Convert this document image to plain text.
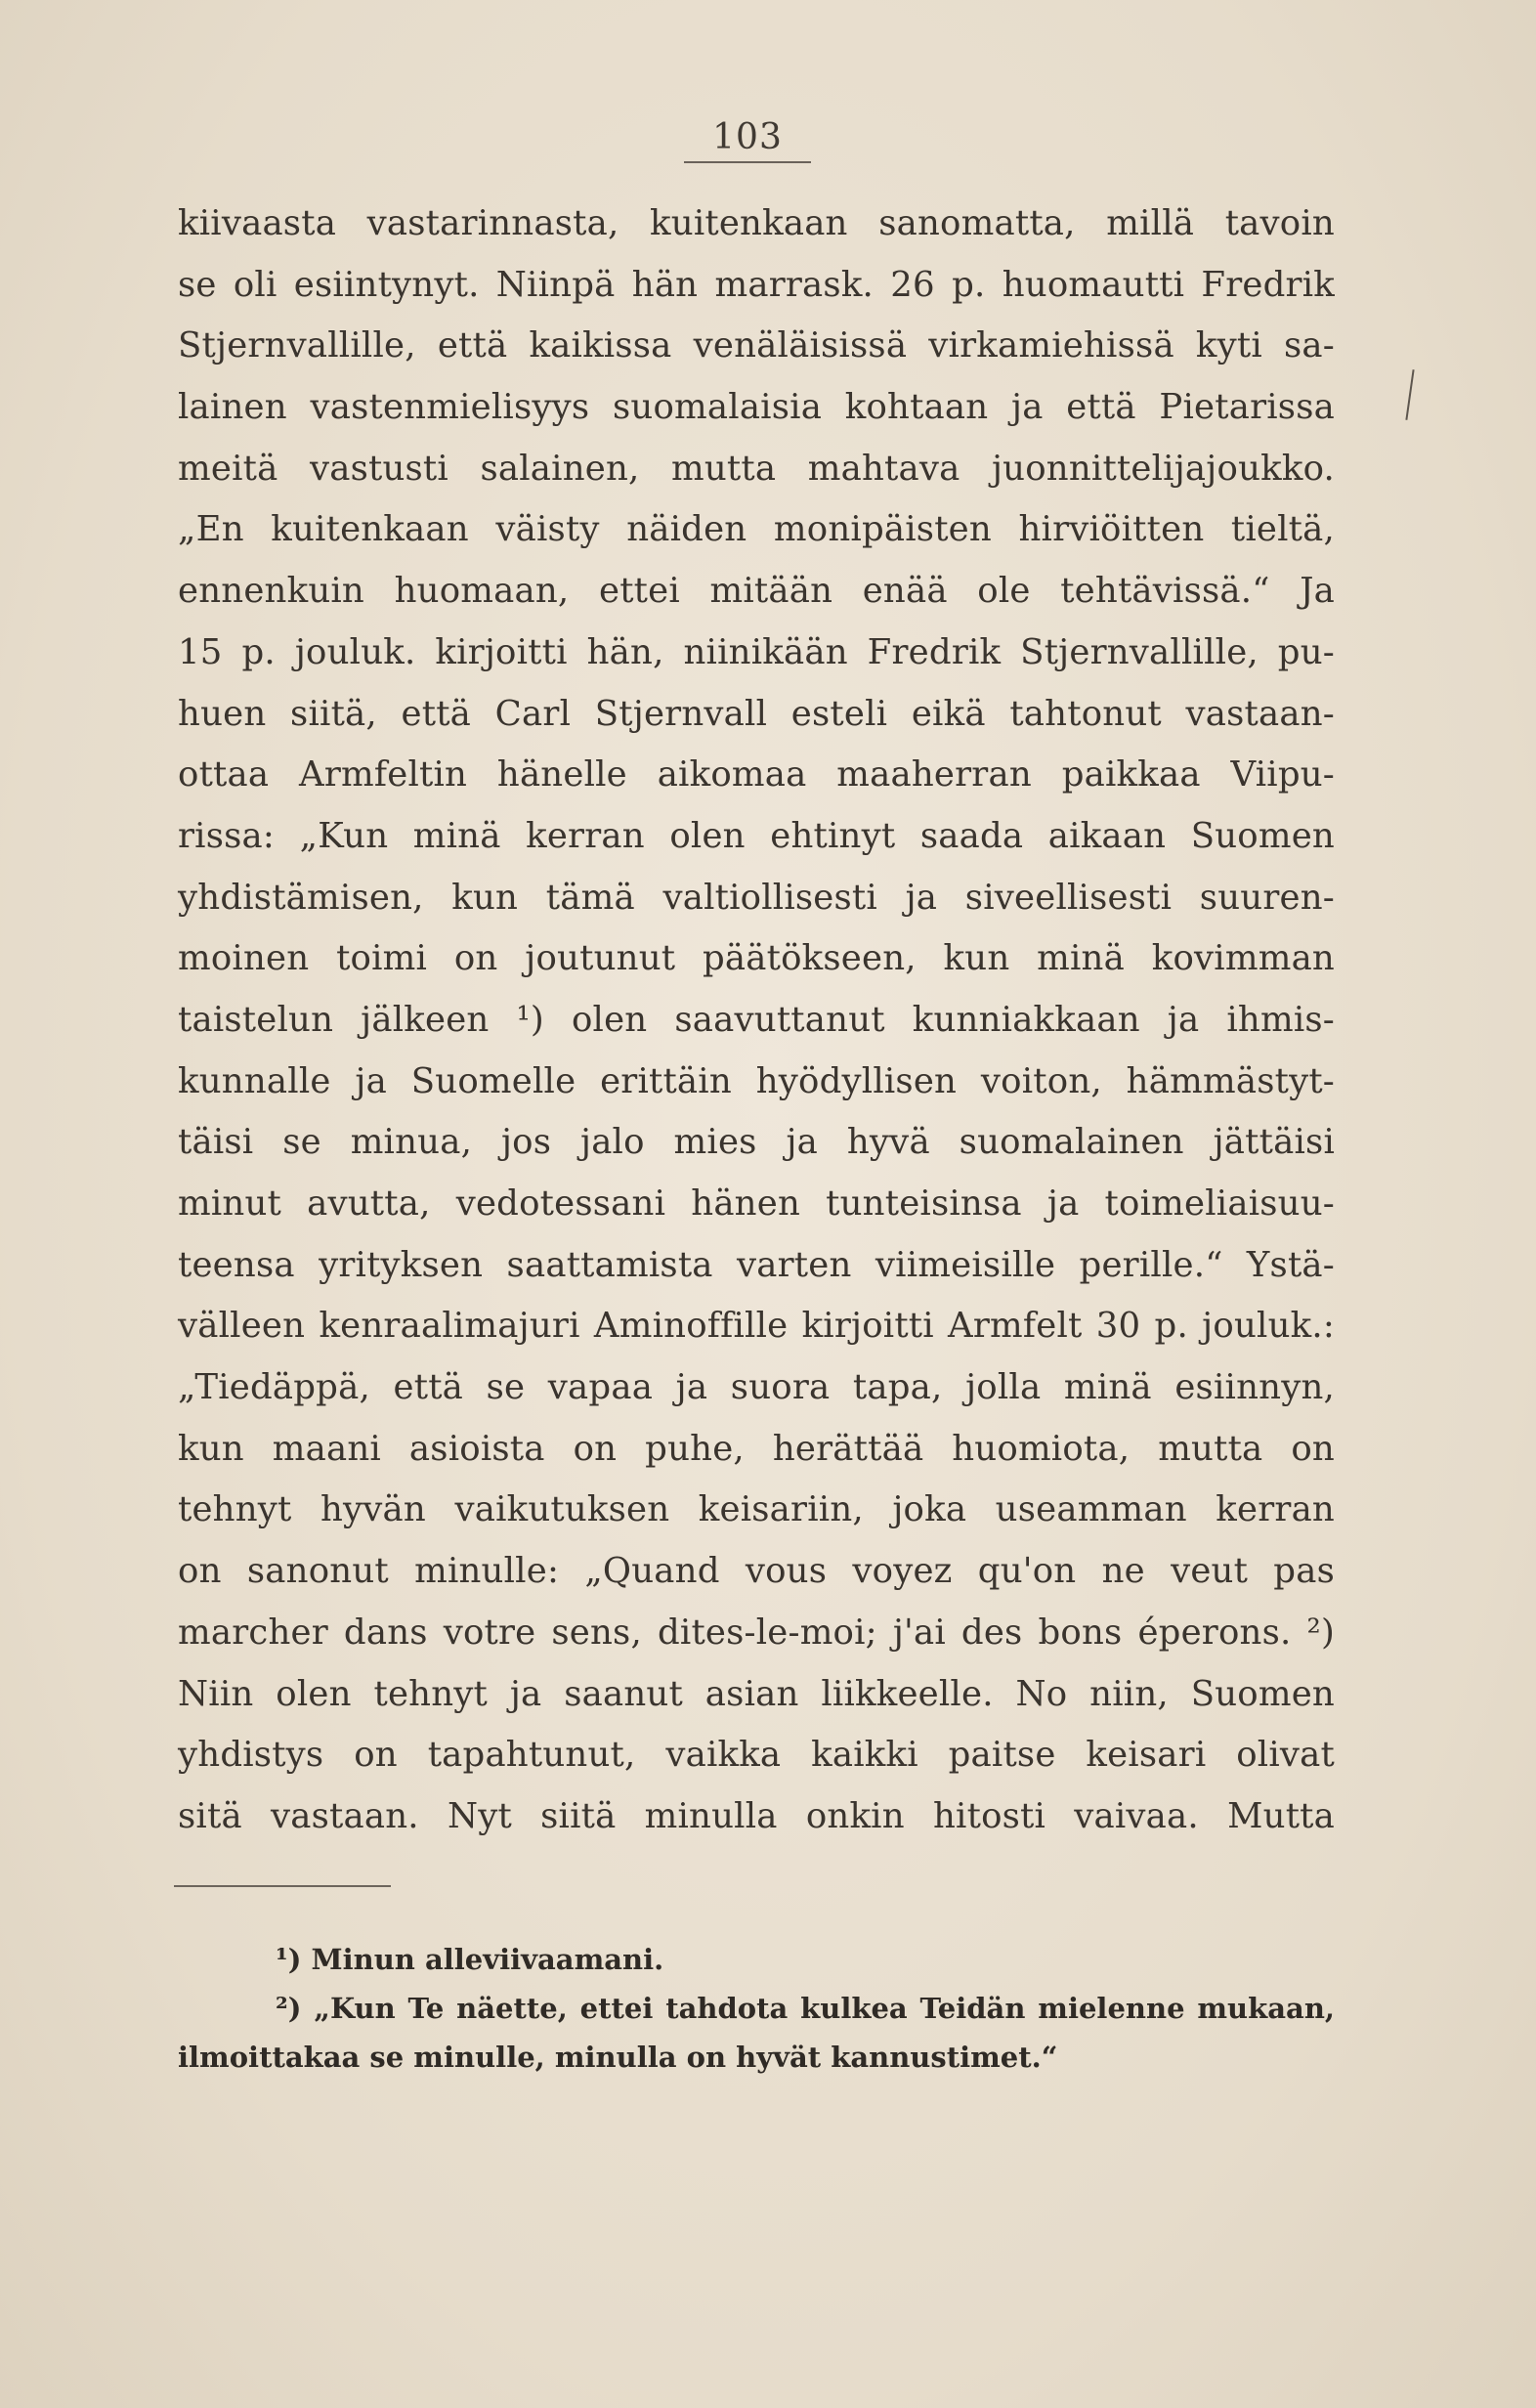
103
kiivaasta vastarinnasta, kuitenkaan sanomatta, millä tavoin
se oli esiintynyt. Niinpä hän marrask. 26 p. huomautti Fredrik
Stjernvallille, että kaikissa venäläisissä virkamiehissä kyti sa-
lainen vastenmielisyys suomalaisia kohtaan ja että Pietarissa
meitä vastusti salainen, mutta mahtava juonnittelijajoukko.
„En kuitenkaan väisty näiden monipäisten hirviöitten tieltä,
ennenkuin huomaan, ettei mitään enää ole tehtävissä.“ Ja
15 p. jouluk. kirjoitti hän, niinikään Fredrik Stjernvallille, pu-
huen siitä, että Carl Stjernvall esteli eikä tahtonut vastaan-
ottaa Armfeltin hänelle aikomaa maaherran paikkaa Viipu-
rissa: „Kun minä kerran olen ehtinyt saada aikaan Suomen
yhdistämisen, kun tämä valtiollisesti ja siveellisesti suuren-
moinen toimi on joutunut päätökseen, kun minä kovimman
taistelun jälkeen ¹) olen saavuttanut kunniakkaan ja ihmis-
kunnalle ja Suomelle erittäin hyödyllisen voiton, hämmästyt-
täisi se minua, jos jalo mies ja hyvä suomalainen jättäisi
minut avutta, vedotessani hänen tunteisinsa ja toimeliaisuu-
teensa yrityksen saattamista varten viimeisille perille.“ Ystä-
välleen kenraalimajuri Aminoffille kirjoitti Armfelt 30 p. jouluk.:
„Tiedäppä, että se vapaa ja suora tapa, jolla minä esiinnyn,
kun maani asioista on puhe, herättää huomiota, mutta on
tehnyt hyvän vaikutuksen keisariin, joka useamman kerran
on sanonut minulle: „Quand vous voyez qu'on ne veut pas
marcher dans votre sens, dites-le-moi; j'ai des bons éperons. ²)
Niin olen tehnyt ja saanut asian liikkeelle. No niin, Suomen
yhdistys on tapahtunut, vaikka kaikki paitse keisari olivat
sitä vastaan. Nyt siitä minulla onkin hitosti vaivaa. Mutta
¹) Minun alleviivaamani.
²) „Kun Te näette, ettei tahdota kulkea Teidän mielenne mukaan,
ilmoittakaa se minulle, minulla on hyvät kannustimet.“
